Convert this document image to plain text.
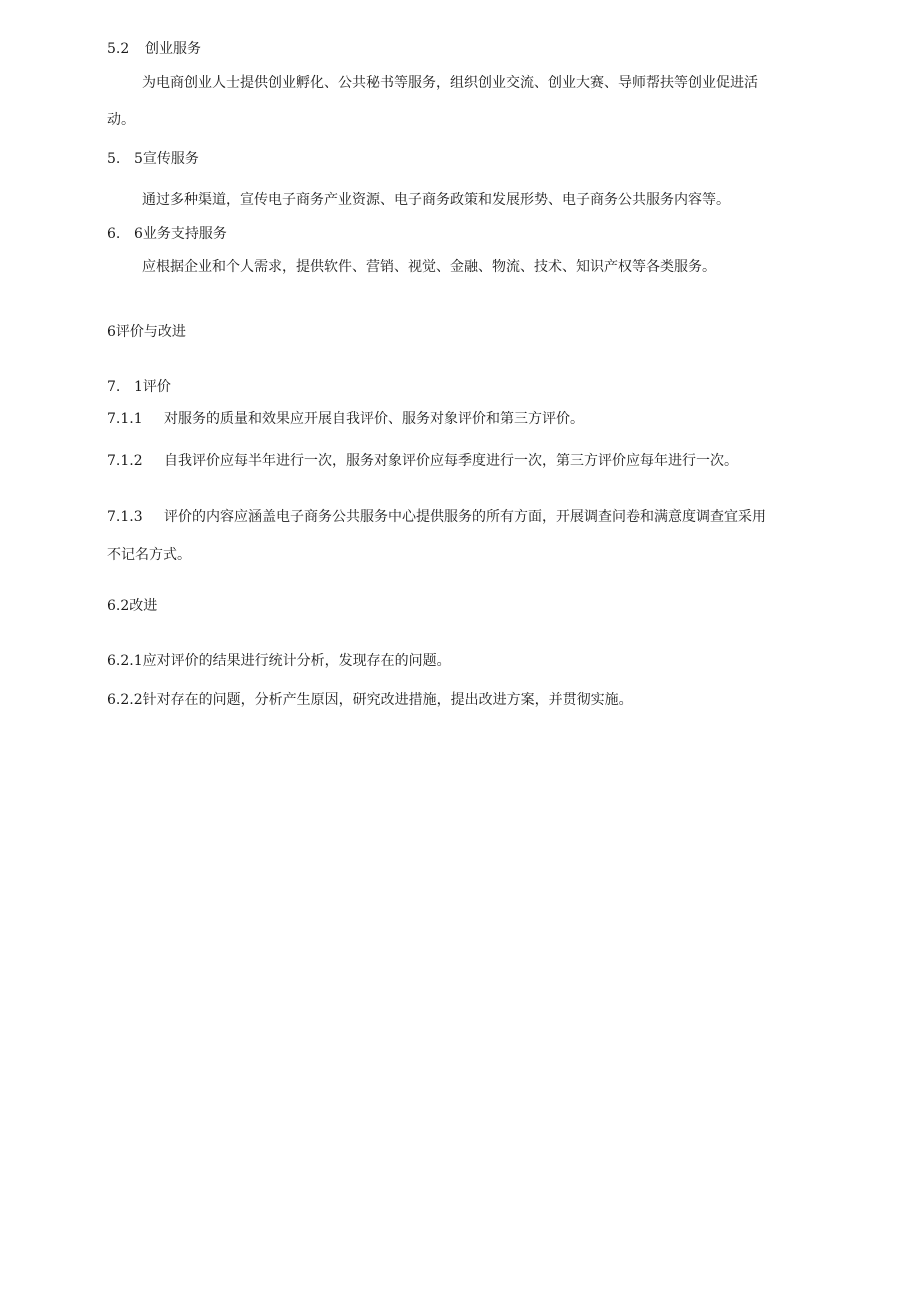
5.2 创业服务
为电商创业人士提供创业孵化、公共秘书等服务，组织创业交流、创业大赛、导师帮扶等创业促进活
动。
5. 5宣传服务
通过多种渠道，宣传电子商务产业资源、电子商务政策和发展形势、电子商务公共服务内容等。
6. 6业务支持服务
应根据企业和个人需求，提供软件、营销、视觉、金融、物流、技术、知识产权等各类服务。
6评价与改进
7. 1评价
7.1.1 对服务的质量和效果应开展自我评价、服务对象评价和第三方评价。
7.1.2 自我评价应每半年进行一次，服务对象评价应每季度进行一次，第三方评价应每年进行一次。
7.1.3 评价的内容应涵盖电子商务公共服务中心提供服务的所有方面，开展调查问卷和满意度调查宜采用
不记名方式。
6.2改进
6.2.1应对评价的结果进行统计分析，发现存在的问题。
6.2.2针对存在的问题，分析产生原因，研究改进措施，提出改进方案，并贯彻实施。
